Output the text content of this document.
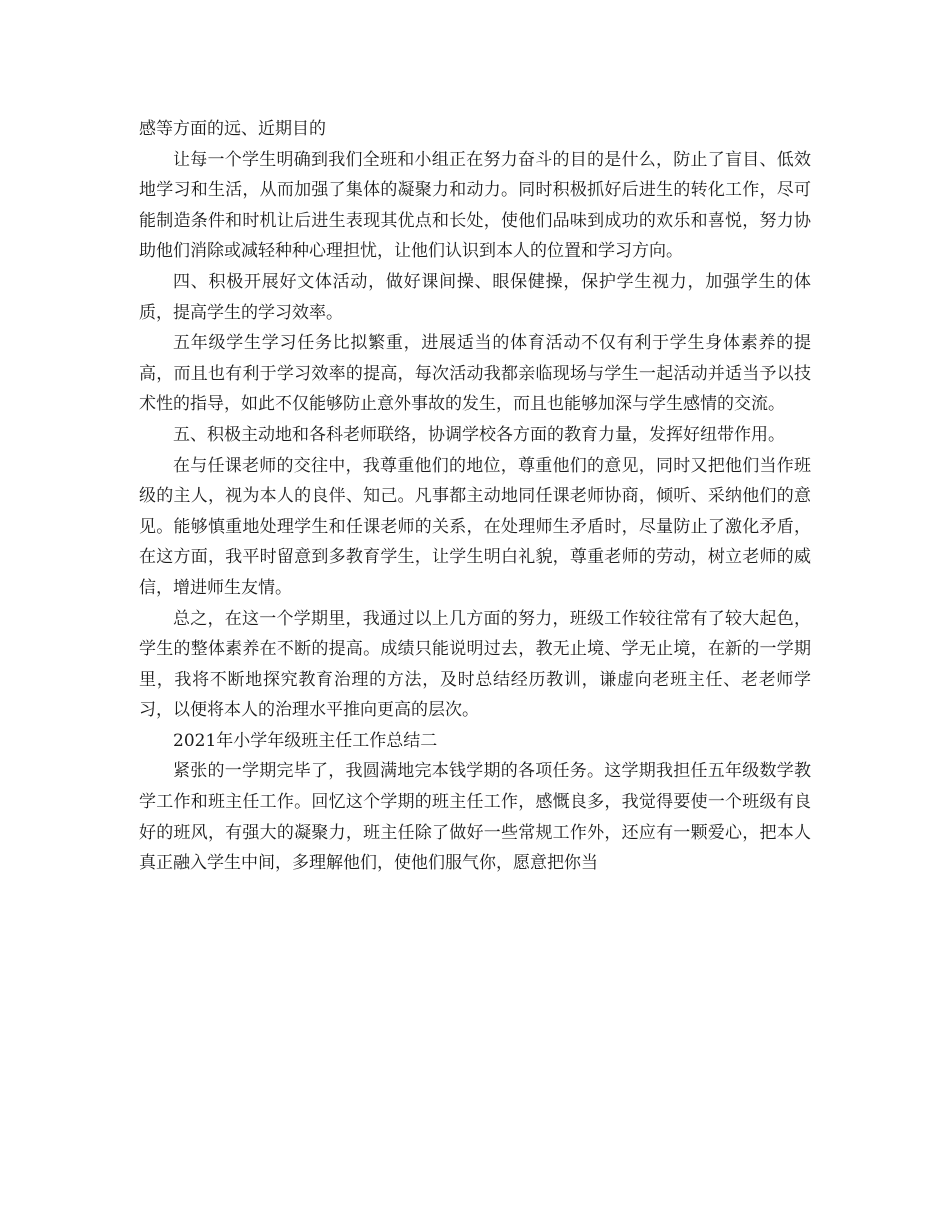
感等方面的远、近期目的

让每一个学生明确到我们全班和小组正在努力奋斗的目的是什么，防止了盲目、低效地学习和生活，从而加强了集体的凝聚力和动力。同时积极抓好后进生的转化工作，尽可能制造条件和时机让后进生表现其优点和长处，使他们品味到成功的欢乐和喜悦，努力协助他们消除或减轻种种心理担忧，让他们认识到本人的位置和学习方向。

四、积极开展好文体活动，做好课间操、眼保健操，保护学生视力，加强学生的体质，提高学生的学习效率。

五年级学生学习任务比拟繁重，进展适当的体育活动不仅有利于学生身体素养的提高，而且也有利于学习效率的提高，每次活动我都亲临现场与学生一起活动并适当予以技术性的指导，如此不仅能够防止意外事故的发生，而且也能够加深与学生感情的交流。

五、积极主动地和各科老师联络，协调学校各方面的教育力量，发挥好纽带作用。

在与任课老师的交往中，我尊重他们的地位，尊重他们的意见，同时又把他们当作班级的主人，视为本人的良伴、知己。凡事都主动地同任课老师协商，倾听、采纳他们的意见。能够慎重地处理学生和任课老师的关系，在处理师生矛盾时，尽量防止了激化矛盾，在这方面，我平时留意到多教育学生，让学生明白礼貌，尊重老师的劳动，树立老师的威信，增进师生友情。

总之，在这一个学期里，我通过以上几方面的努力，班级工作较往常有了较大起色，学生的整体素养在不断的提高。成绩只能说明过去，教无止境、学无止境，在新的一学期里，我将不断地探究教育治理的方法，及时总结经历教训，谦虚向老班主任、老老师学习，以便将本人的治理水平推向更高的层次。

2021年小学年级班主任工作总结二

紧张的一学期完毕了，我圆满地完本钱学期的各项任务。这学期我担任五年级数学教学工作和班主任工作。回忆这个学期的班主任工作，感慨良多，我觉得要使一个班级有良好的班风，有强大的凝聚力，班主任除了做好一些常规工作外，还应有一颗爱心，把本人真正融入学生中间，多理解他们，使他们服气你，愿意把你当
